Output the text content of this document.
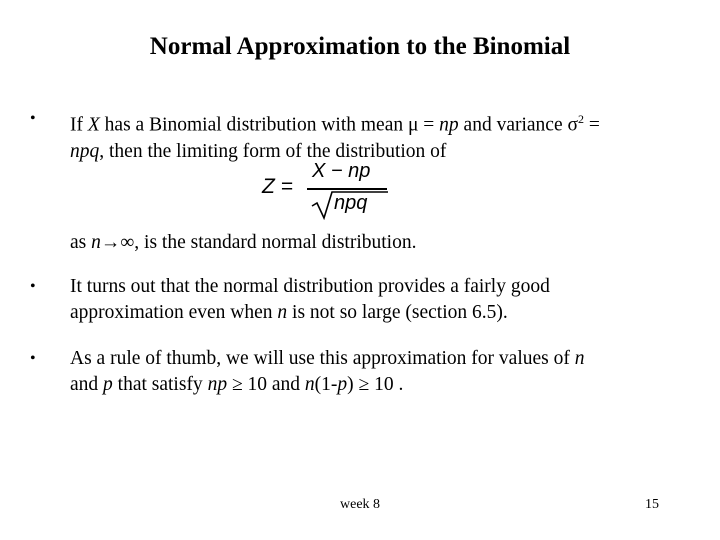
Normal Approximation to the Binomial
• If X has a Binomial distribution with mean μ = np and variance $\sigma^2$ =
npq, then the limiting form of the distribution of
Z =
X − np
npq
as n→∞, is the standard normal distribution.
• It turns out that the normal distribution provides a fairly good
approximation even when n is not so large (section 6.5).
• As a rule of thumb, we will use this approximation for values of n
and p that satisfy np ≥ 10 and n(1-p) ≥ 10 .
week 8	15
